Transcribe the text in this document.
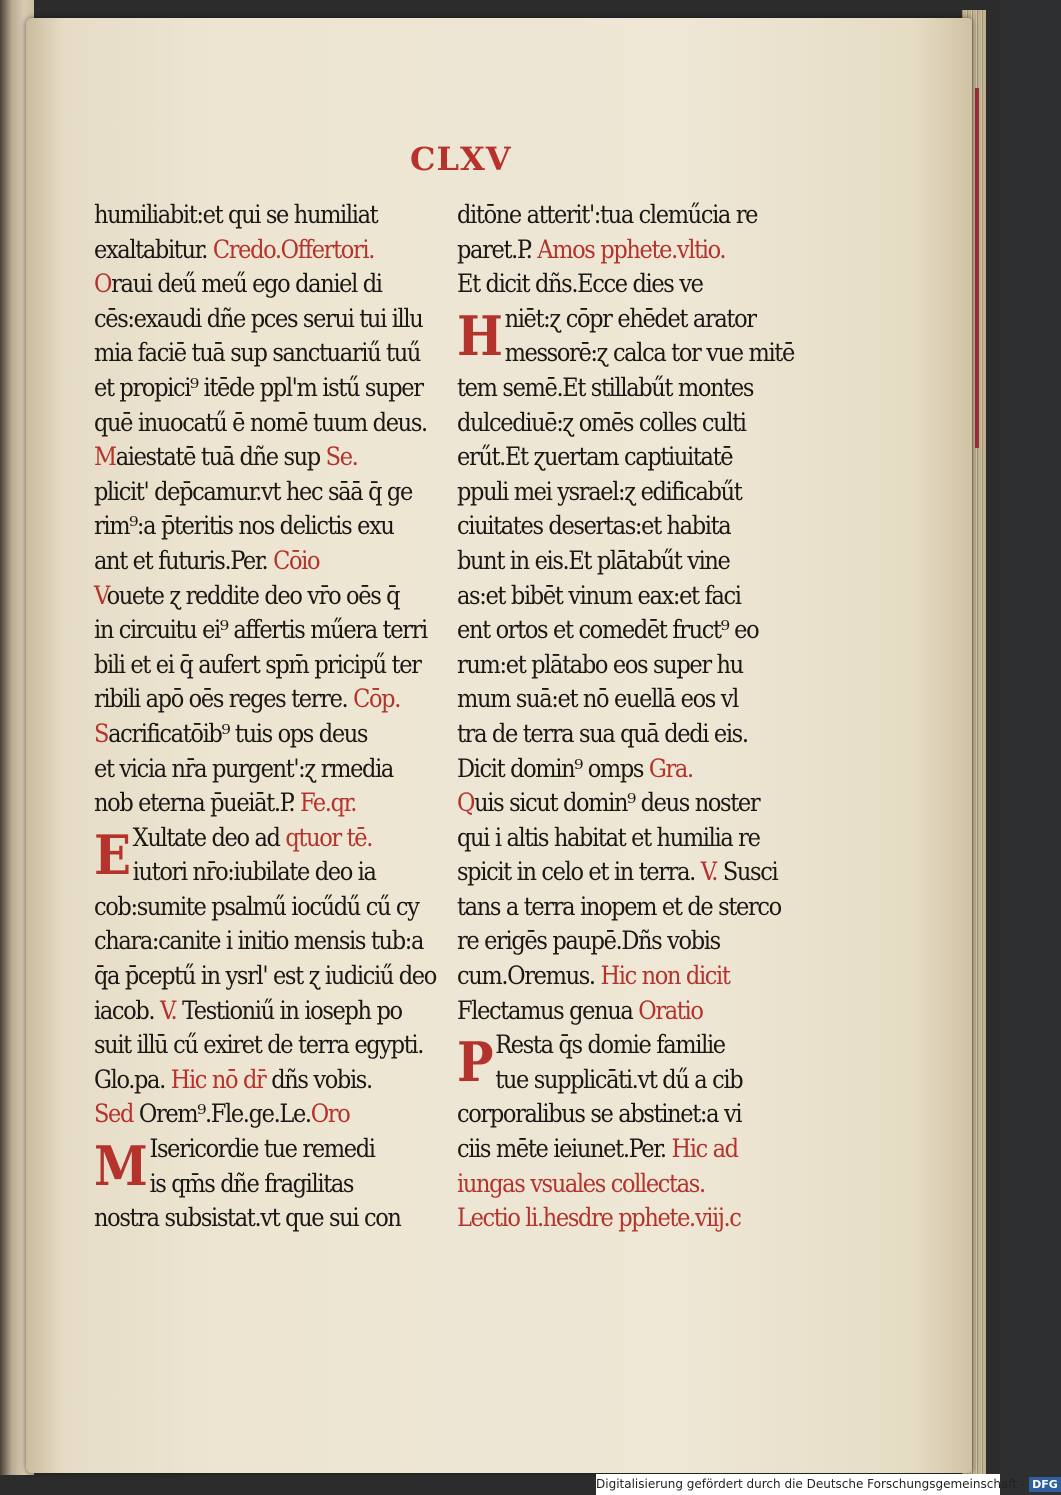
CLXV
humiliabit:et qui se humiliat
exaltabitur. Credo.Offertori.
Oraui deű meű ego daniel di
cēs:exaudi dñe pces serui tui illu
mia faciē tuā sup sanctuariű tuű
et propici⁹ itēde ppl'm istű super
quē inuocatű ē nomē tuum deus.
Maiestatē tuā dñe sup Se.
plicit' dep̄camur.vt hec sāā q̄ ge
rim⁹:a p̄teritis nos delictis exu
ant et futuris.Per. Cōio
Vouete ɀ reddite deo vr̄o oēs q̄
in circuitu ei⁹ affertis műera terri
bili et ei q̄ aufert spm̄ pricipű ter
ribili apō oēs reges terre. Cōp.
Sacrificatōib⁹ tuis ops deus
et vicia nr̄a purgent':ɀ rmedia
nob eterna p̄ueiāt.P. Fe.qr.
E Xultate deo ad qtuor tē.
iutori nr̄o:iubilate deo ia
cob:sumite psalmű iocűdű cű cy
chara:canite i initio mensis tub:a
q̄a p̄ceptű in ysrl' est ɀ iudiciű deo
iacob. V. Testioniű in ioseph po
suit illū cű exiret de terra egypti.
Glo.pa. Hic nō dr̄ dñs vobis.
Sed Orem⁹.Fle.ge.Le.Oro
M Isericordie tue remedi
is qm̄s dñe fragilitas
nostra subsistat.vt que sui con
ditōne atterit':tua cleműcia re
paret.P. Amos pphete.vltio.
Et dicit dñs.Ecce dies ve
Hniēt:ɀ cōpr ehēdet arator
messorē:ɀ calca tor vue mitē
tem semē.Et stillabűt montes
dulcediuē:ɀ omēs colles culti
erűt.Et ɀuertam captiuitatē
ppuli mei ysrael:ɀ edificabűt
ciuitates desertas:et habita
bunt in eis.Et plātabűt vine
as:et bibēt vinum eax:et faci
ent ortos et comedēt fruct⁹ eo
rum:et plātabo eos super hu
mum suā:et nō euellā eos vl
tra de terra sua quā dedi eis.
Dicit domin⁹ omps Gra.
Quis sicut domin⁹ deus noster
qui i altis habitat et humilia re
spicit in celo et in terra. V. Susci
tans a terra inopem et de sterco
re erigēs paupē.Dñs vobis
cum.Oremus. Hic non dicit
Flectamus genua Oratio
P Resta q̄s domie familie
tue supplicāti.vt dű a cib
corporalibus se abstinet:a vi
ciis mēte ieiunet.Per. Hic ad
iungas vsuales collectas.
Lectio li.hesdre pphete.viij.c
Digitalisierung gefördert durch die Deutsche Forschungsgemeinschaft - DFG
